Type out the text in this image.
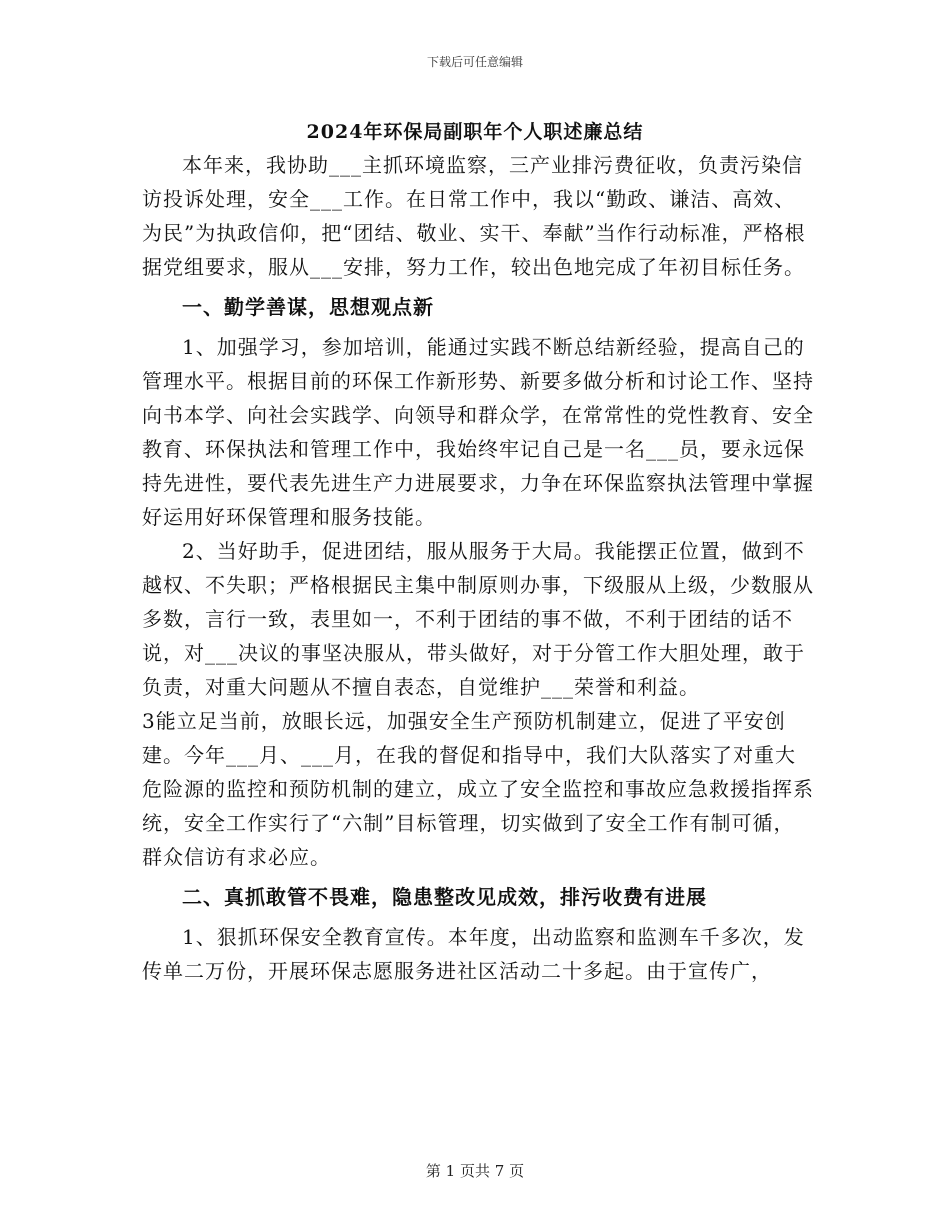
下载后可任意编辑
2024年环保局副职年个人职述廉总结

本年来，我协助___主抓环境监察，三产业排污费征收，负责污染信访投诉处理，安全___工作。在日常工作中，我以“勤政、谦洁、高效、为民”为执政信仰，把“团结、敬业、实干、奉献”当作行动标准，严格根据党组要求，服从___安排，努力工作，较出色地完成了年初目标任务。

一、勤学善谋，思想观点新

1、加强学习，参加培训，能通过实践不断总结新经验，提高自己的管理水平。根据目前的环保工作新形势、新要多做分析和讨论工作、坚持向书本学、向社会实践学、向领导和群众学，在常常性的党性教育、安全教育、环保执法和管理工作中，我始终牢记自己是一名___员，要永远保持先进性，要代表先进生产力进展要求，力争在环保监察执法管理中掌握好运用好环保管理和服务技能。

2、当好助手，促进团结，服从服务于大局。我能摆正位置，做到不越权、不失职；严格根据民主集中制原则办事，下级服从上级，少数服从多数，言行一致，表里如一，不利于团结的事不做，不利于团结的话不说，对___决议的事坚决服从，带头做好，对于分管工作大胆处理，敢于负责，对重大问题从不擅自表态，自觉维护___荣誉和利益。

3能立足当前，放眼长远，加强安全生产预防机制建立，促进了平安创建。今年___月、___月，在我的督促和指导中，我们大队落实了对重大危险源的监控和预防机制的建立，成立了安全监控和事故应急救援指挥系统，安全工作实行了“六制”目标管理，切实做到了安全工作有制可循，群众信访有求必应。

二、真抓敢管不畏难，隐患整改见成效，排污收费有进展

1、狠抓环保安全教育宣传。本年度，出动监察和监测车千多次，发传单二万份，开展环保志愿服务进社区活动二十多起。由于宣传广，

第 1 页共 7 页
